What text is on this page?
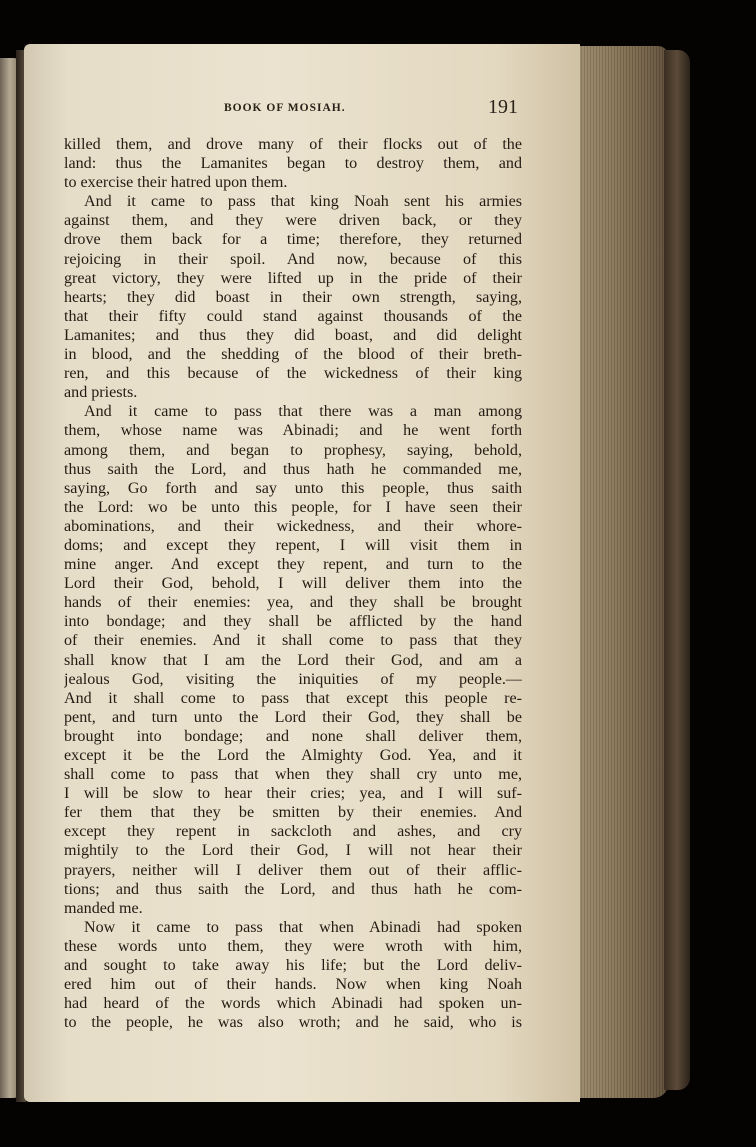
BOOK OF MOSIAH.	191
killed them, and drove many of their flocks out of the
land: thus the Lamanites began to destroy them, and
to exercise their hatred upon them.
And it came to pass that king Noah sent his armies
against them, and they were driven back, or they
drove them back for a time; therefore, they returned
rejoicing in their spoil. And now, because of this
great victory, they were lifted up in the pride of their
hearts; they did boast in their own strength, saying,
that their fifty could stand against thousands of the
Lamanites; and thus they did boast, and did delight
in blood, and the shedding of the blood of their breth-
ren, and this because of the wickedness of their king
and priests.
And it came to pass that there was a man among
them, whose name was Abinadi; and he went forth
among them, and began to prophesy, saying, behold,
thus saith the Lord, and thus hath he commanded me,
saying, Go forth and say unto this people, thus saith
the Lord: wo be unto this people, for I have seen their
abominations, and their wickedness, and their whore-
doms; and except they repent, I will visit them in
mine anger. And except they repent, and turn to the
Lord their God, behold, I will deliver them into the
hands of their enemies: yea, and they shall be brought
into bondage; and they shall be afflicted by the hand
of their enemies. And it shall come to pass that they
shall know that I am the Lord their God, and am a
jealous God, visiting the iniquities of my people.—
And it shall come to pass that except this people re-
pent, and turn unto the Lord their God, they shall be
brought into bondage; and none shall deliver them,
except it be the Lord the Almighty God. Yea, and it
shall come to pass that when they shall cry unto me,
I will be slow to hear their cries; yea, and I will suf-
fer them that they be smitten by their enemies. And
except they repent in sackcloth and ashes, and cry
mightily to the Lord their God, I will not hear their
prayers, neither will I deliver them out of their afflic-
tions; and thus saith the Lord, and thus hath he com-
manded me.
Now it came to pass that when Abinadi had spoken
these words unto them, they were wroth with him,
and sought to take away his life; but the Lord deliv-
ered him out of their hands. Now when king Noah
had heard of the words which Abinadi had spoken un-
to the people, he was also wroth; and he said, who is
